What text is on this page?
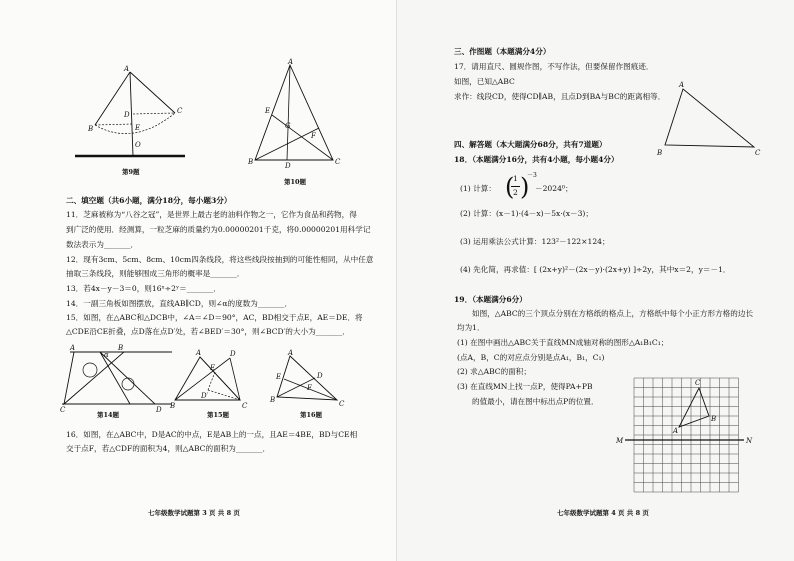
A
B
C
D
E
O
第9题
A
B	C
D
E
F
G
第10题
二、填空题（共6小题，满分18分，每小题3分）
11．芝麻被称为“八谷之冠”，是世界上最古老的油料作物之一，它作为食品和药物，得
到广泛的使用．经测算，一粒芝麻的质量约为0.00000201千克，将0.00000201用科学记
数法表示为_______．
12．现有3cm、5cm、8cm、10cm四条线段，将这些线段按抽到的可能性相同，从中任意
抽取三条线段，则能够围成三角形的概率是_______．
13．若4x－y－3＝0，则16ˣ÷2ʸ＝_______．
14．一副三角板如图摆放，直线AB∥CD，则∠α的度数为_______．
15．如图，在△ABC和△DCB中，∠A＝∠D＝90°，AC，BD相交于点E，AE＝DE．将
△CDE沿CE折叠，点D落在点D′处，若∠BED′＝30°，则∠BCD′的大小为_______．
A	B
C	D
α
第14题
A
B	C
D
D′
E
第15题
A
B	C
D
E
F
第16题
16．如图，在△ABC中，D是AC的中点，E是AB上的一点，且AE＝4BE，BD与CE相
交于点F，若△CDF的面积为4，则△ABC的面积为_______．
七年级数学试题第 3 页 共 8 页
三、作图题（本题满分4分）
17．请用直尺、圆规作图，不写作法，但要保留作图痕迹．
如图，已知△ABC
求作：线段CD，使得CD∥AB，且点D到BA与BC的距离相等．
A
B	C
四、解答题（本大题满分68分，共有7道题）
18．（本题满分16分，共有4小题，每小题4分）
(1) 计算： (
1
2 )
－3
－2024⁰；
(2) 计算：(x－1)·(4－x)－5x·(x－3)；
(3) 运用乘法公式计算：123²－122×124；
(4) 先化简，再求值：[ (2x+y)²－(2x－y)·(2x+y) ]÷2y，其中x＝2，y＝－1．
19．（本题满分6分）
如图，△ABC的三个顶点分别在方格纸的格点上，方格纸中每个小正方形方格的边长
均为1．
(1) 在图中画出△ABC关于直线MN成轴对称的图形△A₁B₁C₁；
(点A，B，C的对应点分别是点A₁，B₁，C₁)
(2) 求△ABC的面积；
(3) 在直线MN上找一点P，使得PA+PB
的值最小，请在图中标出点P的位置．
M	N
A
B
C
七年级数学试题第 4 页 共 8 页
